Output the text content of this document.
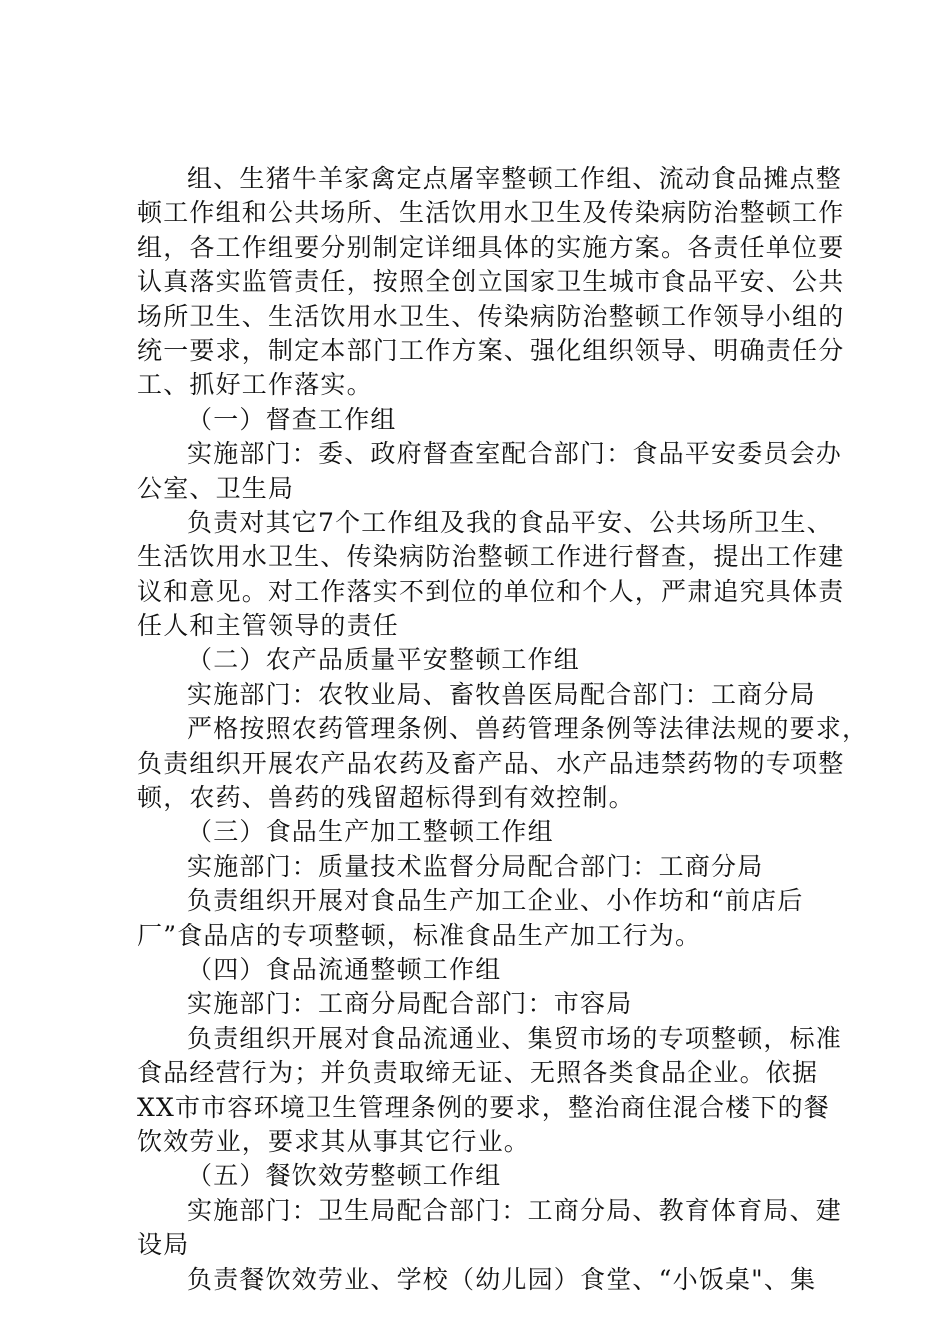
组、生猪牛羊家禽定点屠宰整顿工作组、流动食品摊点整
顿工作组和公共场所、生活饮用水卫生及传染病防治整顿工作
组，各工作组要分别制定详细具体的实施方案。各责任单位要
认真落实监管责任，按照全创立国家卫生城市食品平安、公共
场所卫生、生活饮用水卫生、传染病防治整顿工作领导小组的
统一要求，制定本部门工作方案、强化组织领导、明确责任分
工、抓好工作落实。
（一）督查工作组
实施部门：委、政府督查室配合部门：食品平安委员会办
公室、卫生局
负责对其它7个工作组及我的食品平安、公共场所卫生、
生活饮用水卫生、传染病防治整顿工作进行督查，提出工作建
议和意见。对工作落实不到位的单位和个人，严肃追究具体责
任人和主管领导的责任
（二）农产品质量平安整顿工作组
实施部门：农牧业局、畜牧兽医局配合部门：工商分局
严格按照农药管理条例、兽药管理条例等法律法规的要求，
负责组织开展农产品农药及畜产品、水产品违禁药物的专项整
顿，农药、兽药的残留超标得到有效控制。
（三）食品生产加工整顿工作组
实施部门：质量技术监督分局配合部门：工商分局
负责组织开展对食品生产加工企业、小作坊和“前店后
厂”食品店的专项整顿，标准食品生产加工行为。
（四）食品流通整顿工作组
实施部门：工商分局配合部门：市容局
负责组织开展对食品流通业、集贸市场的专项整顿，标准
食品经营行为；并负责取缔无证、无照各类食品企业。依据
XX市市容环境卫生管理条例的要求，整治商住混合楼下的餐
饮效劳业，要求其从事其它行业。
（五）餐饮效劳整顿工作组
实施部门：卫生局配合部门：工商分局、教育体育局、建
设局
负责餐饮效劳业、学校（幼儿园）食堂、“小饭桌"、集
